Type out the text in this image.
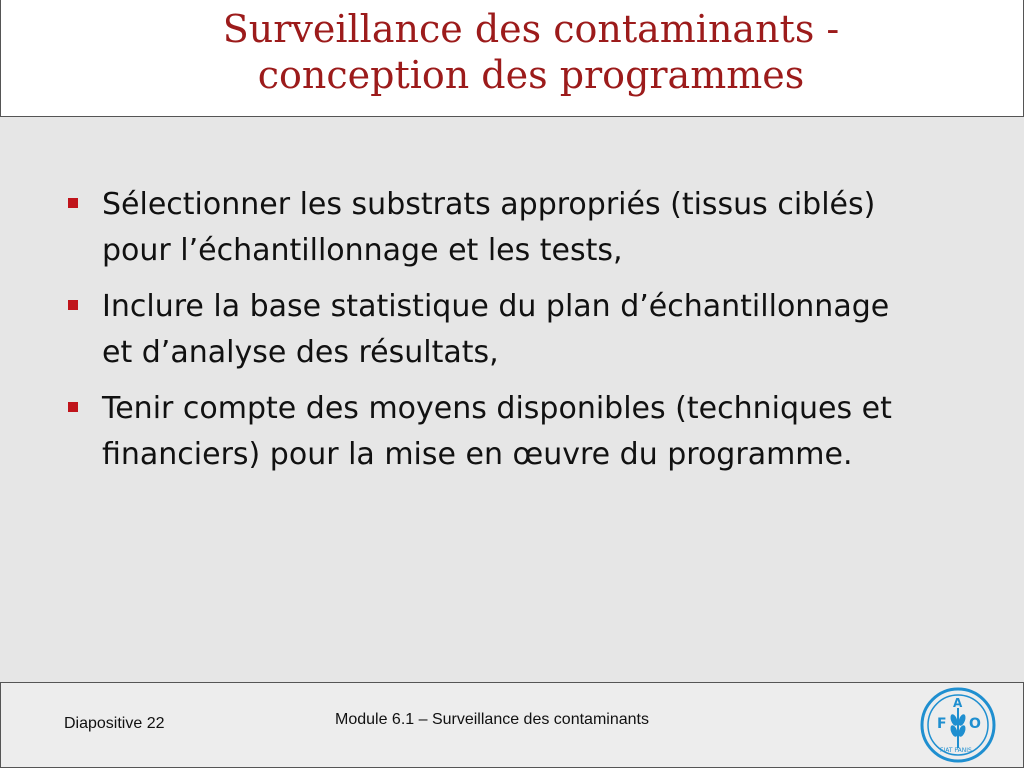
Surveillance des contaminants -
conception des programmes
Sélectionner les substrats appropriés (tissus ciblés) pour l’échantillonnage et les tests,
Inclure la base statistique du plan d’échantillonnage et d’analyse des résultats,
Tenir compte des moyens disponibles (techniques et financiers) pour la mise en œuvre du programme.
Diapositive 22	Module 6.1 – Surveillance des contaminants	F
A
O
FIAT PANIS
